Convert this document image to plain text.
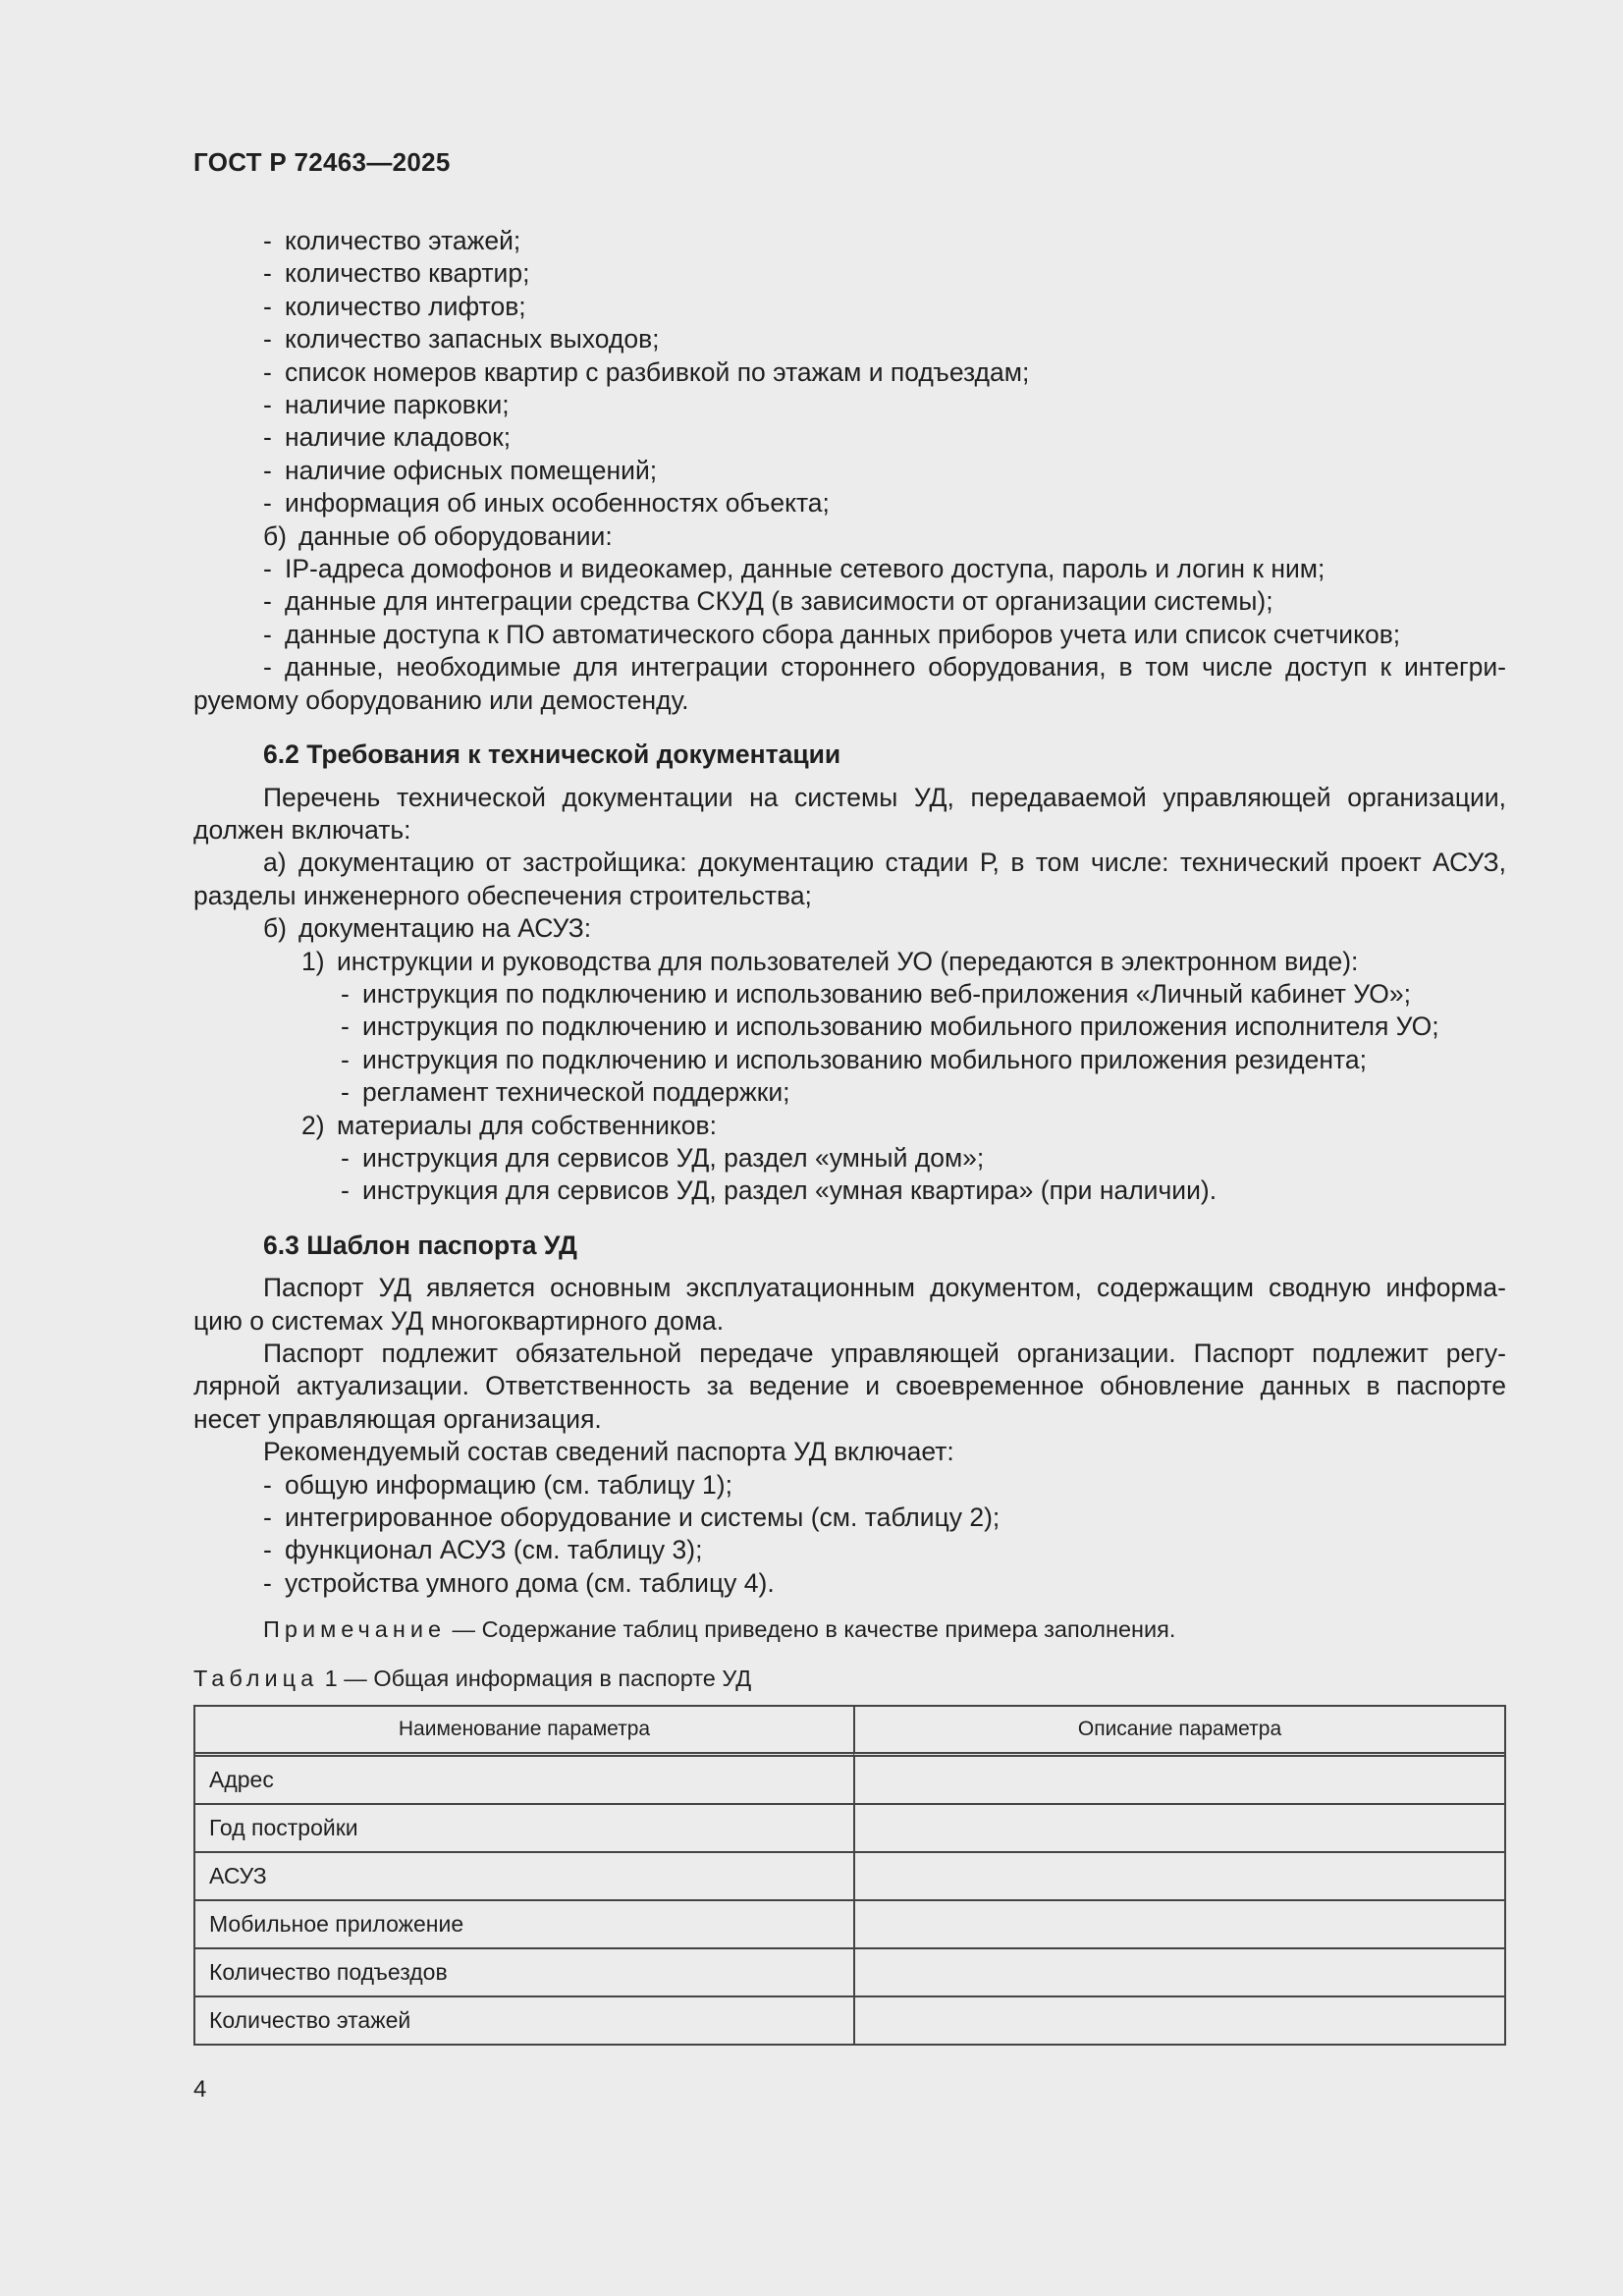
ГОСТ Р 72463—2025
- количество этажей;
- количество квартир;
- количество лифтов;
- количество запасных выходов;
- список номеров квартир с разбивкой по этажам и подъездам;
- наличие парковки;
- наличие кладовок;
- наличие офисных помещений;
- информация об иных особенностях объекта;
б) данные об оборудовании:
- IP-адреса домофонов и видеокамер, данные сетевого доступа, пароль и логин к ним;
- данные для интеграции средства СКУД (в зависимости от организации системы);
- данные доступа к ПО автоматического сбора данных приборов учета или список счетчиков;
- данные, необходимые для интеграции стороннего оборудования, в том числе доступ к интегри-
руемому оборудованию или демостенду.
6.2 Требования к технической документации
Перечень технической документации на системы УД, передаваемой управляющей организации,
должен включать:
а) документацию от застройщика: документацию стадии Р, в том числе: технический проект АСУЗ,
разделы инженерного обеспечения строительства;
б) документацию на АСУЗ:
1) инструкции и руководства для пользователей УО (передаются в электронном виде):
- инструкция по подключению и использованию веб-приложения «Личный кабинет УО»;
- инструкция по подключению и использованию мобильного приложения исполнителя УО;
- инструкция по подключению и использованию мобильного приложения резидента;
- регламент технической поддержки;
2) материалы для собственников:
- инструкция для сервисов УД, раздел «умный дом»;
- инструкция для сервисов УД, раздел «умная квартира» (при наличии).
6.3 Шаблон паспорта УД
Паспорт УД является основным эксплуатационным документом, содержащим сводную информа-
цию о системах УД многоквартирного дома.
Паспорт подлежит обязательной передаче управляющей организации. Паспорт подлежит регу-
лярной актуализации. Ответственность за ведение и своевременное обновление данных в паспорте
несет управляющая организация.
Рекомендуемый состав сведений паспорта УД включает:
- общую информацию (см. таблицу 1);
- интегрированное оборудование и системы (см. таблицу 2);
- функционал АСУЗ (см. таблицу 3);
- устройства умного дома (см. таблицу 4).
Примечание — Содержание таблиц приведено в качестве примера заполнения.
Таблица 1 — Общая информация в паспорте УД
Наименование параметра	Описание параметра
Адрес	
Год постройки	
АСУЗ	
Мобильное приложение	
Количество подъездов	
Количество этажей	
4
